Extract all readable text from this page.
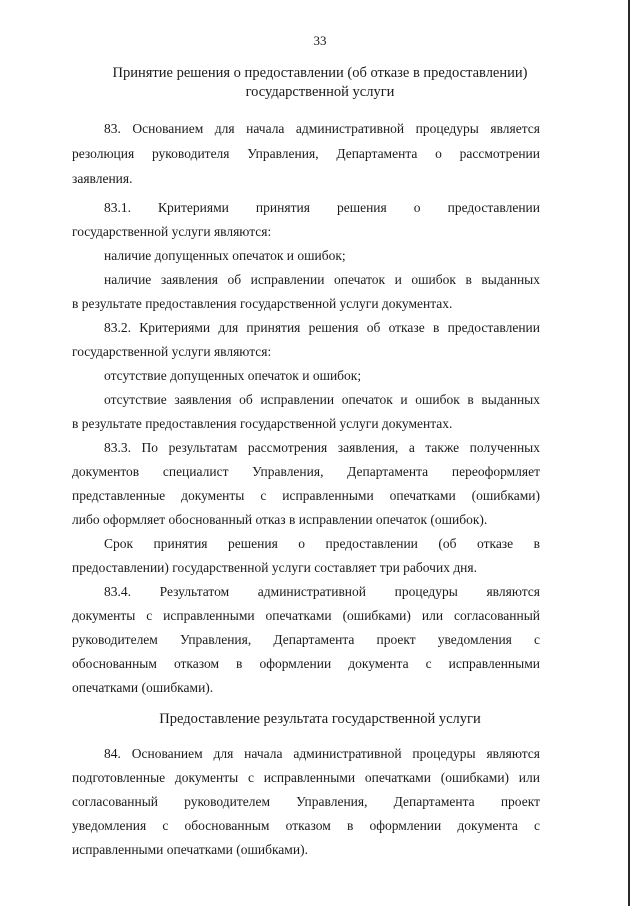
33
Принятие решения о предоставлении (об отказе в предоставлении)
государственной услуги
83. Основанием для начала административной процедуры является
резолюция руководителя Управления, Департамента о рассмотрении
заявления.
83.1. Критериями принятия решения о предоставлении
государственной услуги являются:
наличие допущенных опечаток и ошибок;
наличие заявления об исправлении опечаток и ошибок в выданных
в результате предоставления государственной услуги документах.
83.2. Критериями для принятия решения об отказе в предоставлении
государственной услуги являются:
отсутствие допущенных опечаток и ошибок;
отсутствие заявления об исправлении опечаток и ошибок в выданных
в результате предоставления государственной услуги документах.
83.3. По результатам рассмотрения заявления, а также полученных
документов специалист Управления, Департамента переоформляет
представленные документы с исправленными опечатками (ошибками)
либо оформляет обоснованный отказ в исправлении опечаток (ошибок).
Срок принятия решения о предоставлении (об отказе в
предоставлении) государственной услуги составляет три рабочих дня.
83.4. Результатом административной процедуры являются
документы с исправленными опечатками (ошибками) или согласованный
руководителем Управления, Департамента проект уведомления с
обоснованным отказом в оформлении документа с исправленными
опечатками (ошибками).
Предоставление результата государственной услуги
84. Основанием для начала административной процедуры являются
подготовленные документы с исправленными опечатками (ошибками) или
согласованный руководителем Управления, Департамента проект
уведомления с обоснованным отказом в оформлении документа с
исправленными опечатками (ошибками).
